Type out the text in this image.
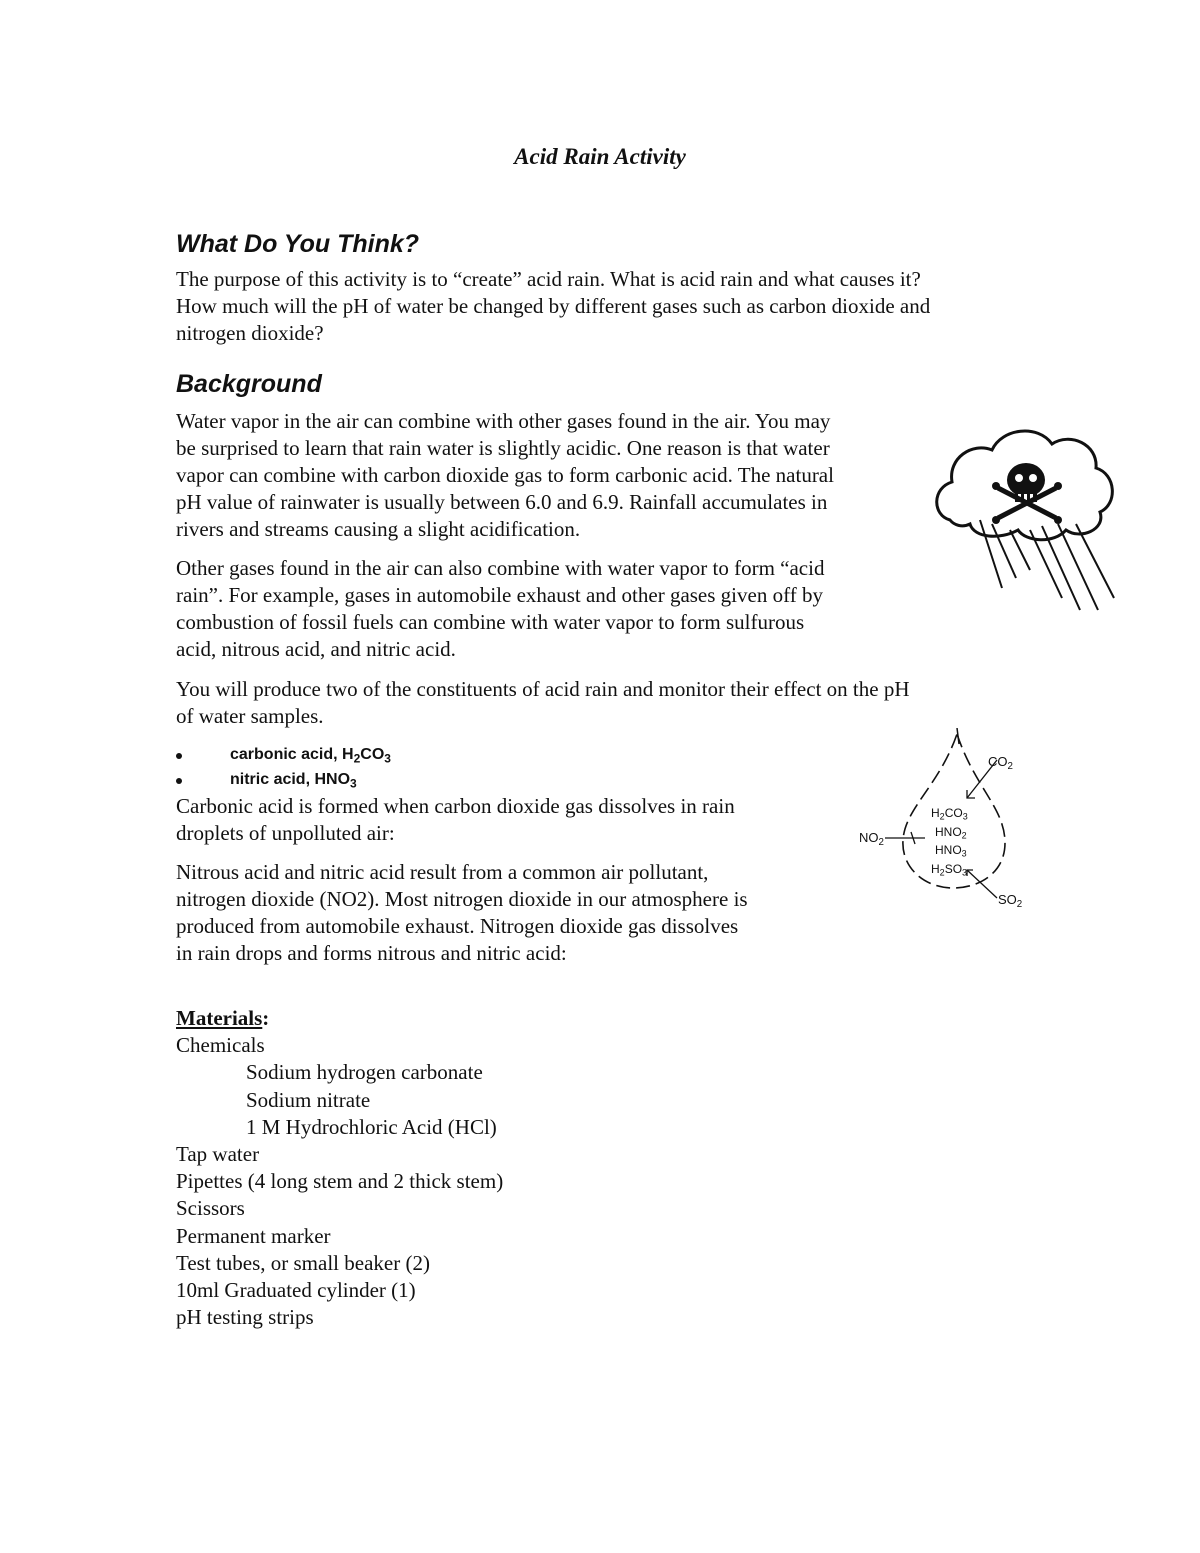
Acid Rain Activity
What Do You Think?
The purpose of this activity is to “create” acid rain. What is acid rain and what causes it?
How much will the pH of water be changed by different gases such as carbon dioxide and
nitrogen dioxide?
Background
Water vapor in the air can combine with other gases found in the air. You may
be surprised to learn that rain water is slightly acidic. One reason is that water
vapor can combine with carbon dioxide gas to form carbonic acid. The natural
pH value of rainwater is usually between 6.0 and 6.9. Rainfall accumulates in
rivers and streams causing a slight acidification.
Other gases found in the air can also combine with water vapor to form “acid
rain”. For example, gases in automobile exhaust and other gases given off by
combustion of fossil fuels can combine with water vapor to form sulfurous
acid, nitrous acid, and nitric acid.
You will produce two of the constituents of acid rain and monitor their effect on the pH
of water samples.
carbonic acid, $H_2CO_3$
nitric acid, $HNO_3$
Carbonic acid is formed when carbon dioxide gas dissolves in rain
droplets of unpolluted air:
Nitrous acid and nitric acid result from a common air pollutant,
nitrogen dioxide (NO2). Most nitrogen dioxide in our atmosphere is
produced from automobile exhaust. Nitrogen dioxide gas dissolves
in rain drops and forms nitrous and nitric acid:
Materials:
Chemicals
Sodium hydrogen carbonate
Sodium nitrate
1 M Hydrochloric Acid (HCl)
Tap water
Pipettes (4 long stem and 2 thick stem)
Scissors
Permanent marker
Test tubes, or small beaker (2)
10ml Graduated cylinder (1)
pH testing strips
$CO_2$
$NO_2$
$SO_2$
$H_2CO_3$
$HNO_2$
$HNO_3$
$H_2SO_3$
